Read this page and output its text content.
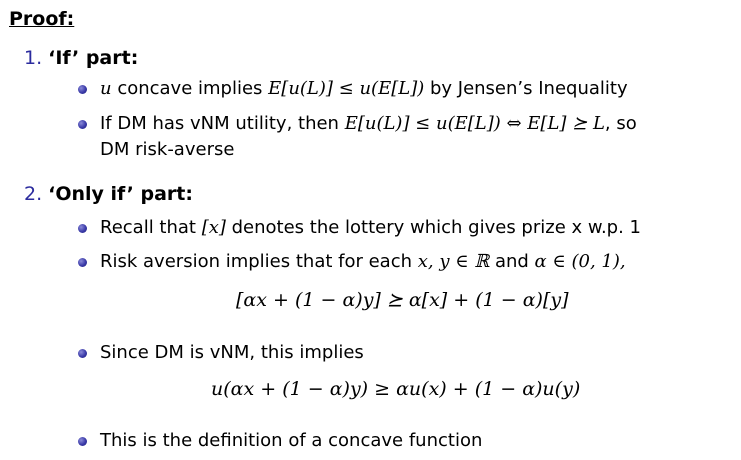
Proof:
1. ‘If’ part:
u concave implies E[u(L)] ≤ u(E[L]) by Jensen’s Inequality
If DM has vNM utility, then E[u(L)] ≤ u(E[L]) ⇔ E[L] ⪰ L, so
DM risk-averse
2. ‘Only if’ part:
Recall that [x] denotes the lottery which gives prize x w.p. 1
Risk aversion implies that for each x, y ∈ ℝ and α ∈ (0, 1),
[αx + (1 − α)y] ⪰ α[x] + (1 − α)[y]
Since DM is vNM, this implies
u(αx + (1 − α)y) ≥ αu(x) + (1 − α)u(y)
This is the definition of a concave function
